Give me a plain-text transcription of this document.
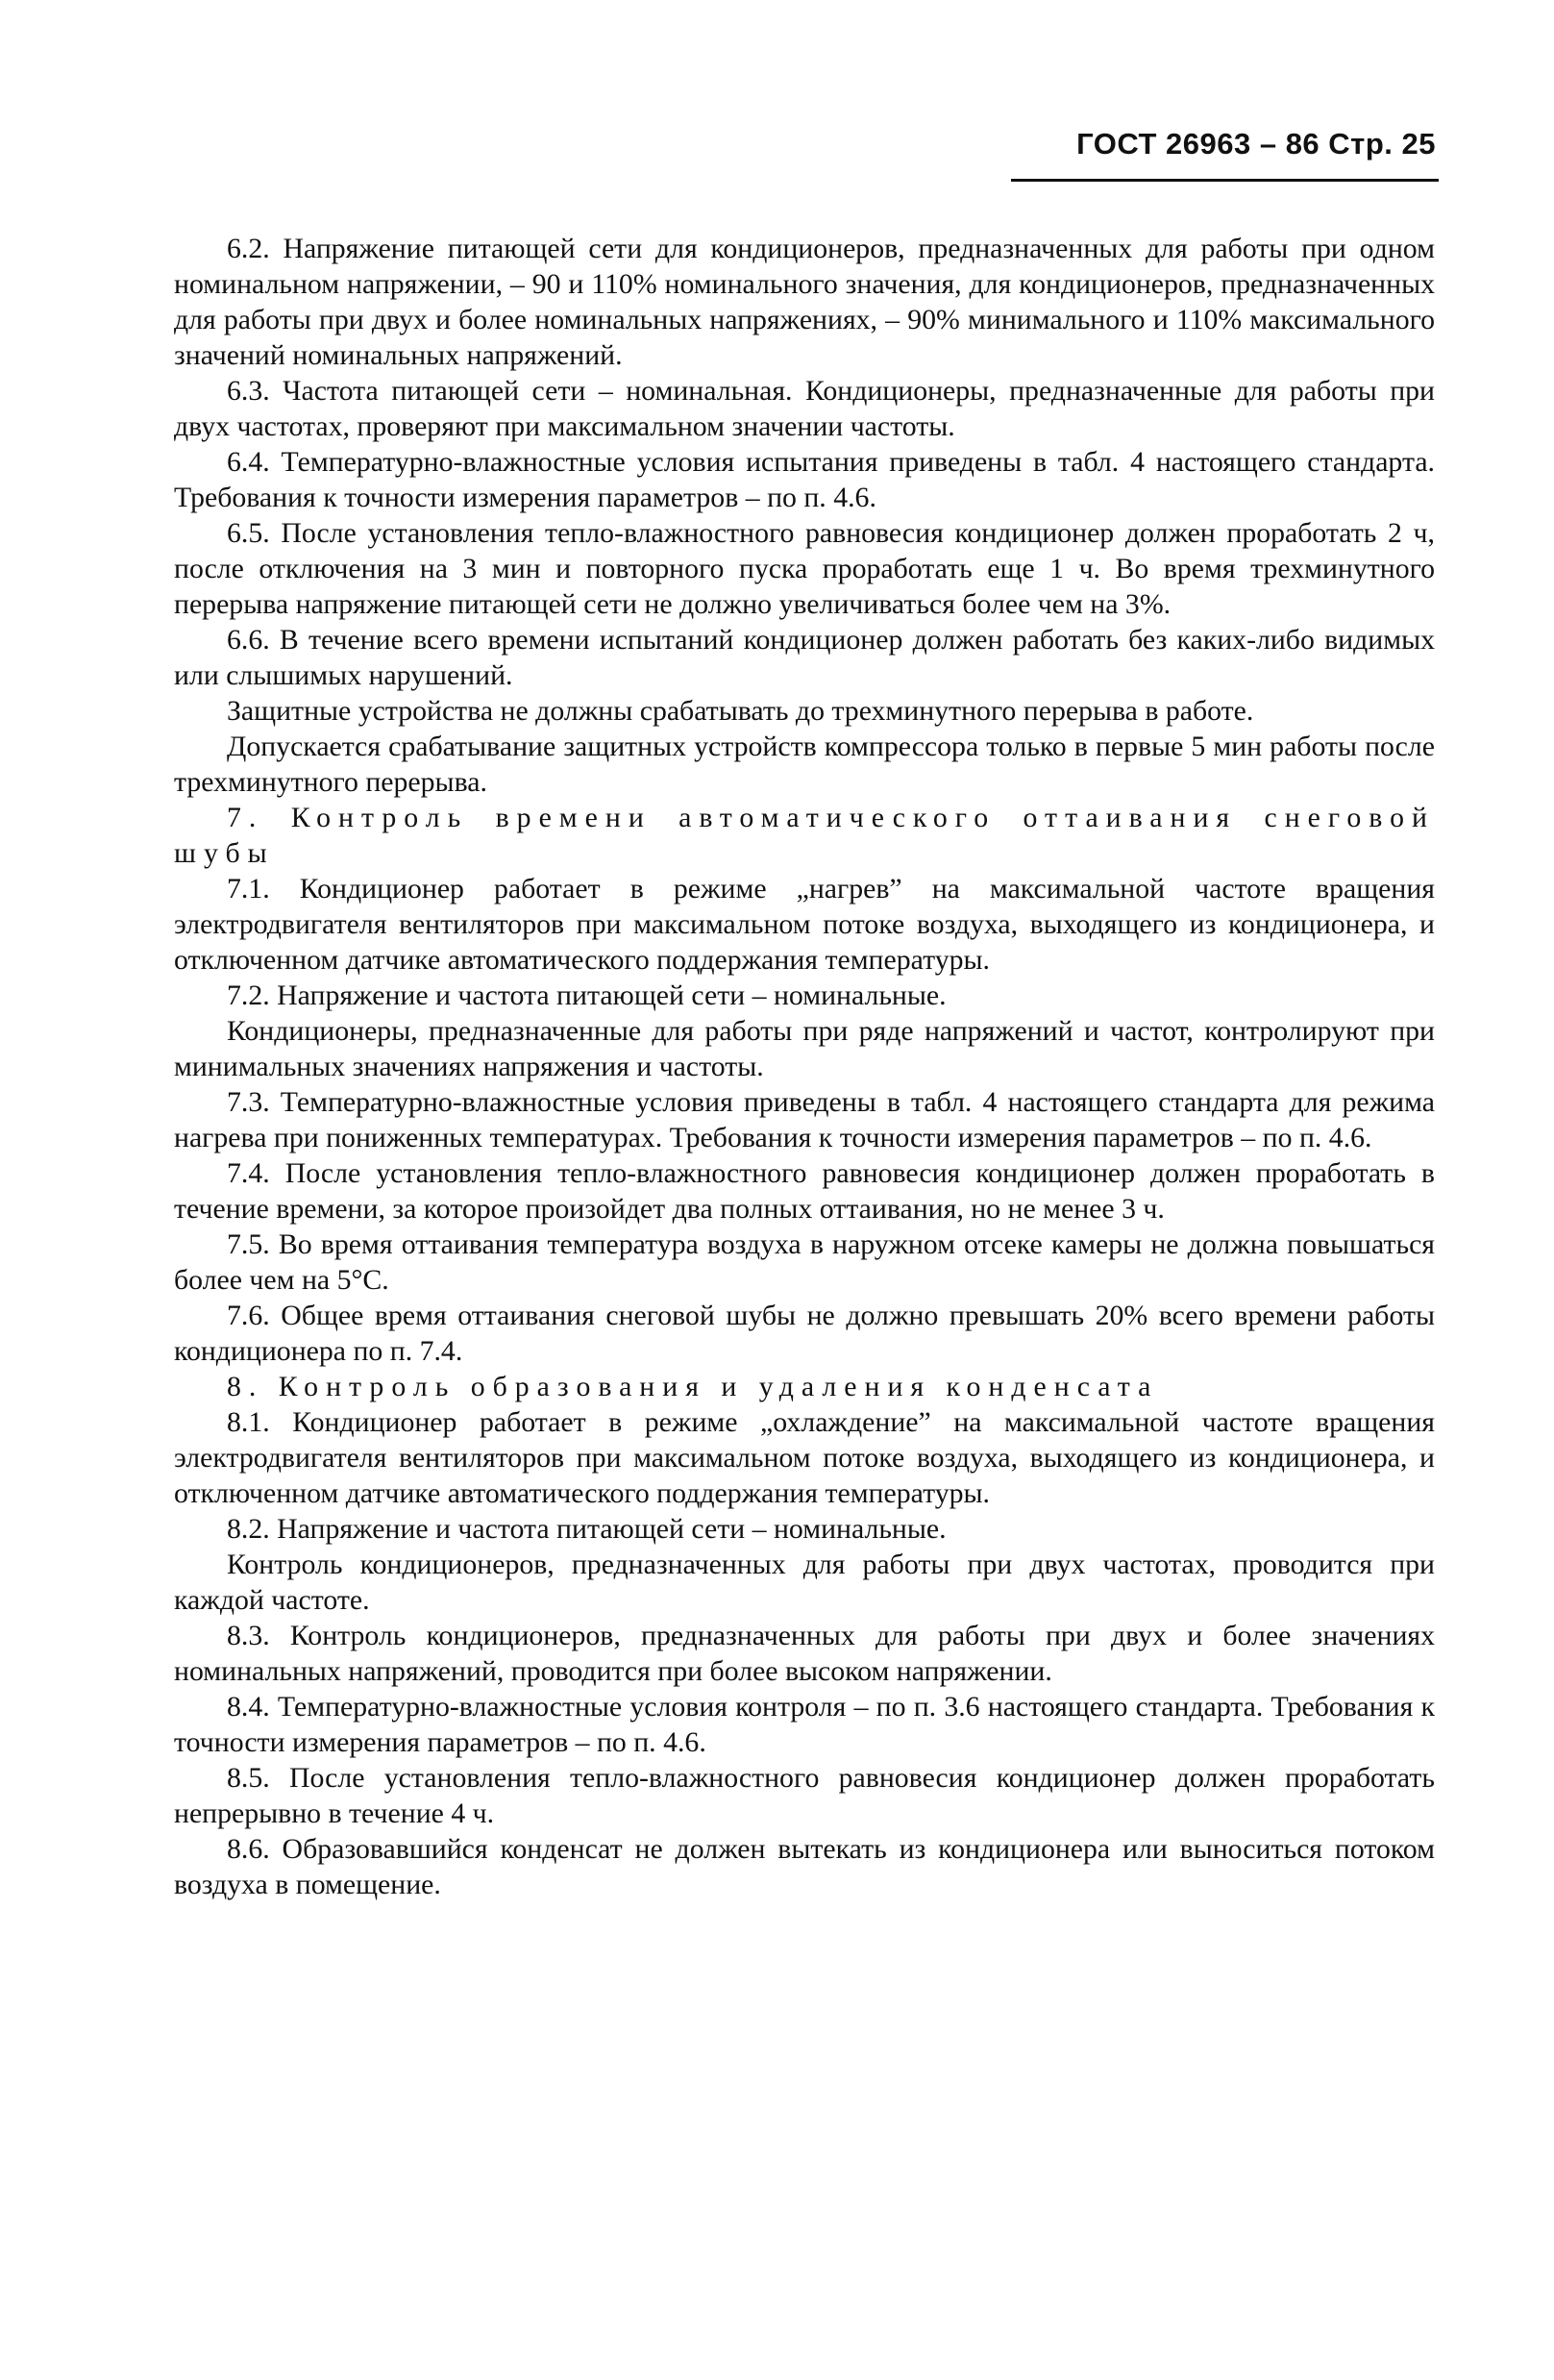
ГОСТ 26963 – 86 Стр. 25

6.2. Напряжение питающей сети для кондиционеров, предназначенных для работы при одном номинальном напряжении, – 90 и 110% номинального значения, для кондиционеров, предназначенных для работы при двух и более номинальных напряжениях, – 90% минимального и 110% максимального значений номинальных напряжений.

6.3. Частота питающей сети – номинальная. Кондиционеры, предназначенные для работы при двух частотах, проверяют при максимальном значении частоты.

6.4. Температурно-влажностные условия испытания приведены в табл. 4 настоящего стандарта. Требования к точности измерения параметров – по п. 4.6.

6.5. После установления тепло-влажностного равновесия кондиционер должен проработать 2 ч, после отключения на 3 мин и повторного пуска проработать еще 1 ч. Во время трехминутного перерыва напряжение питающей сети не должно увеличиваться более чем на 3%.

6.6. В течение всего времени испытаний кондиционер должен работать без каких-либо видимых или слышимых нарушений.

Защитные устройства не должны срабатывать до трехминутного перерыва в работе.

Допускается срабатывание защитных устройств компрессора только в первые 5 мин работы после трехминутного перерыва.

7. Контроль времени автоматического оттаивания снеговой шубы

7.1. Кондиционер работает в режиме „нагрев” на максимальной частоте вращения электродвигателя вентиляторов при максимальном потоке воздуха, выходящего из кондиционера, и отключенном датчике автоматического поддержания температуры.

7.2. Напряжение и частота питающей сети – номинальные.

Кондиционеры, предназначенные для работы при ряде напряжений и частот, контролируют при минимальных значениях напряжения и частоты.

7.3. Температурно-влажностные условия приведены в табл. 4 настоящего стандарта для режима нагрева при пониженных температурах. Требования к точности измерения параметров – по п. 4.6.

7.4. После установления тепло-влажностного равновесия кондиционер должен проработать в течение времени, за которое произойдет два полных оттаивания, но не менее 3 ч.

7.5. Во время оттаивания температура воздуха в наружном отсеке камеры не должна повышаться более чем на 5°С.

7.6. Общее время оттаивания снеговой шубы не должно превышать 20% всего времени работы кондиционера по п. 7.4.

8. Контроль образования и удаления конденсата

8.1. Кондиционер работает в режиме „охлаждение” на максимальной частоте вращения электродвигателя вентиляторов при максимальном потоке воздуха, выходящего из кондиционера, и отключенном датчике автоматического поддержания температуры.

8.2. Напряжение и частота питающей сети – номинальные.

Контроль кондиционеров, предназначенных для работы при двух частотах, проводится при каждой частоте.

8.3. Контроль кондиционеров, предназначенных для работы при двух и более значениях номинальных напряжений, проводится при более высоком напряжении.

8.4. Температурно-влажностные условия контроля – по п. 3.6 настоящего стандарта. Требования к точности измерения параметров – по п. 4.6.

8.5. После установления тепло-влажностного равновесия кондиционер должен проработать непрерывно в течение 4 ч.

8.6. Образовавшийся конденсат не должен вытекать из кондиционера или выноситься потоком воздуха в помещение.
